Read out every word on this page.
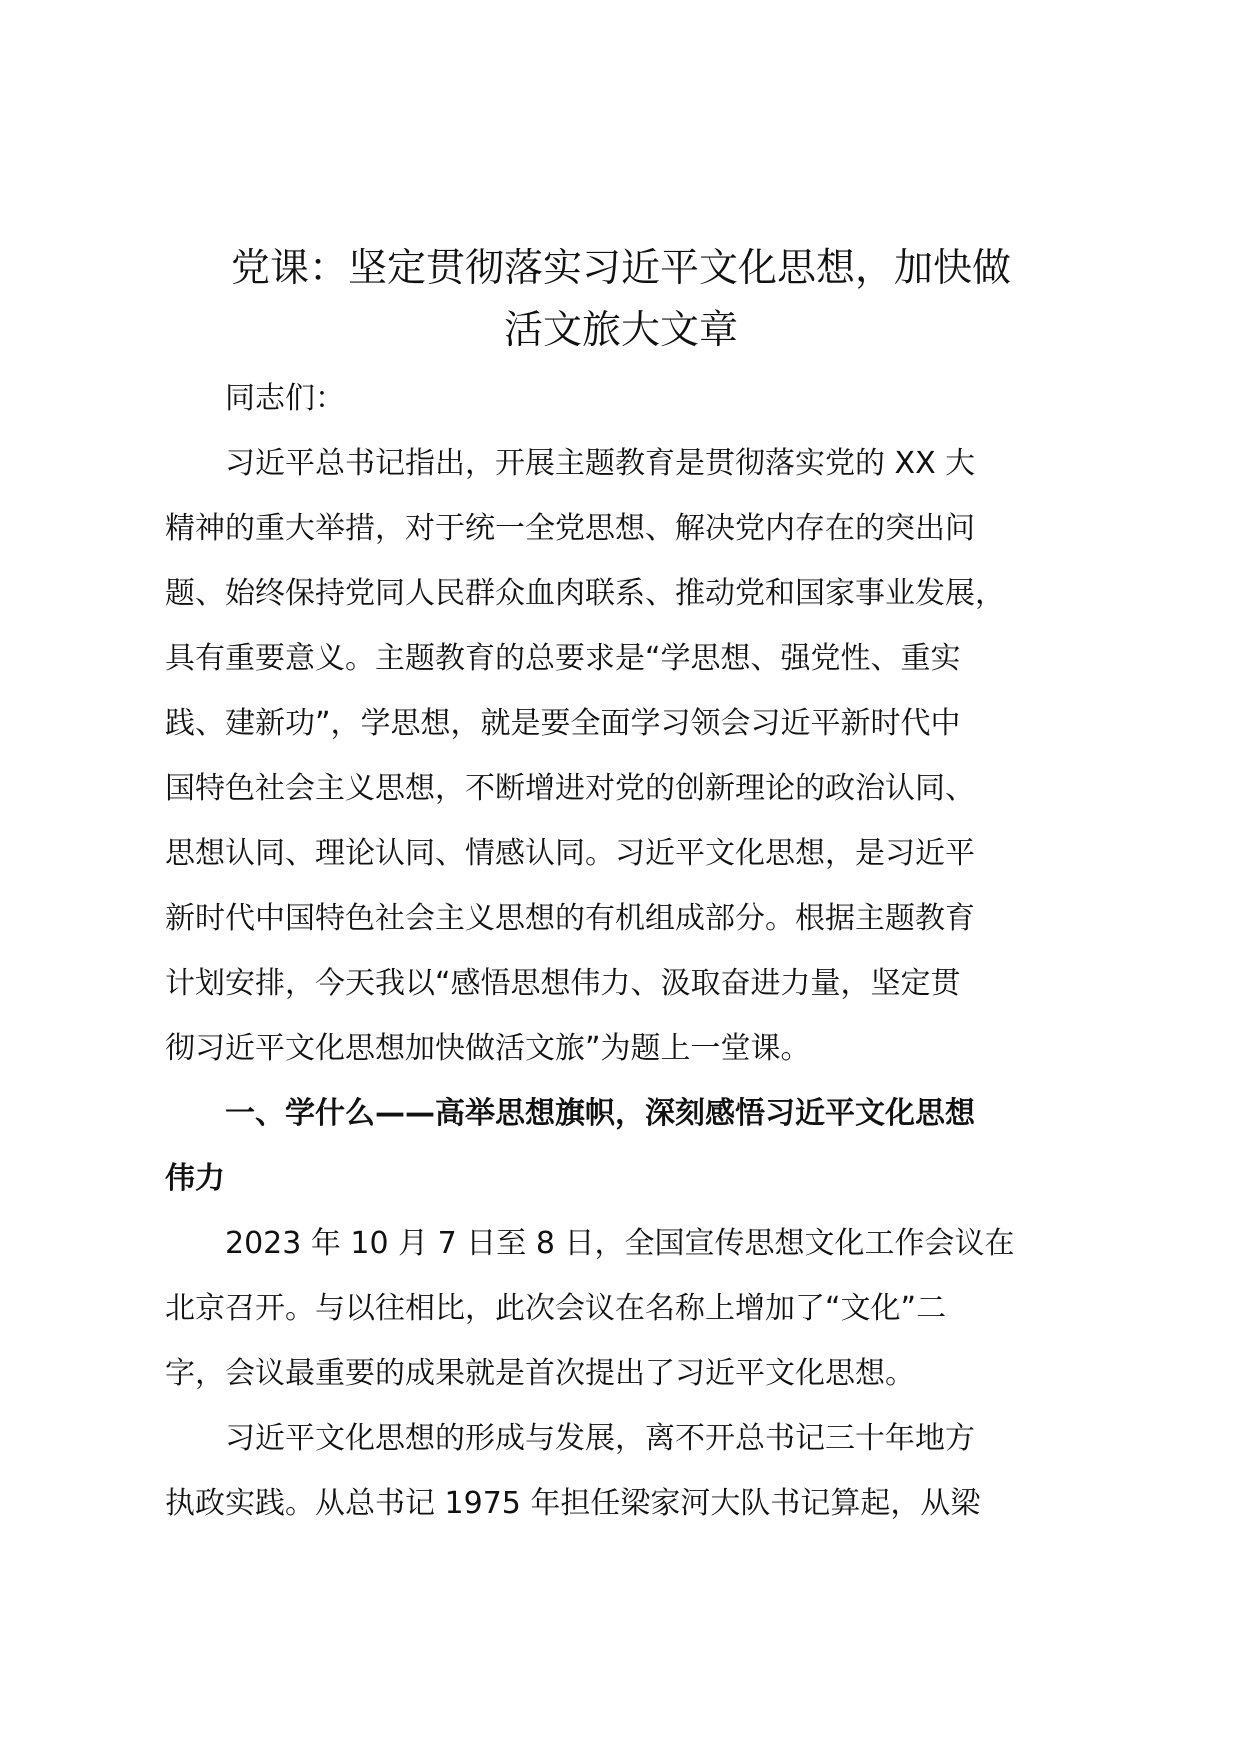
党课：坚定贯彻落实习近平文化思想，加快做
活文旅大文章

同志们：

习近平总书记指出，开展主题教育是贯彻落实党的 XX 大
精神的重大举措，对于统一全党思想、解决党内存在的突出问
题、始终保持党同人民群众血肉联系、推动党和国家事业发展，
具有重要意义。主题教育的总要求是“学思想、强党性、重实
践、建新功”，学思想，就是要全面学习领会习近平新时代中
国特色社会主义思想，不断增进对党的创新理论的政治认同、
思想认同、理论认同、情感认同。习近平文化思想，是习近平
新时代中国特色社会主义思想的有机组成部分。根据主题教育
计划安排，今天我以“感悟思想伟力、汲取奋进力量，坚定贯
彻习近平文化思想加快做活文旅”为题上一堂课。

一、学什么——高举思想旗帜，深刻感悟习近平文化思想
伟力

2023 年 10 月 7 日至 8 日，全国宣传思想文化工作会议在
北京召开。与以往相比，此次会议在名称上增加了“文化”二
字，会议最重要的成果就是首次提出了习近平文化思想。

习近平文化思想的形成与发展，离不开总书记三十年地方
执政实践。从总书记 1975 年担任梁家河大队书记算起，从梁
